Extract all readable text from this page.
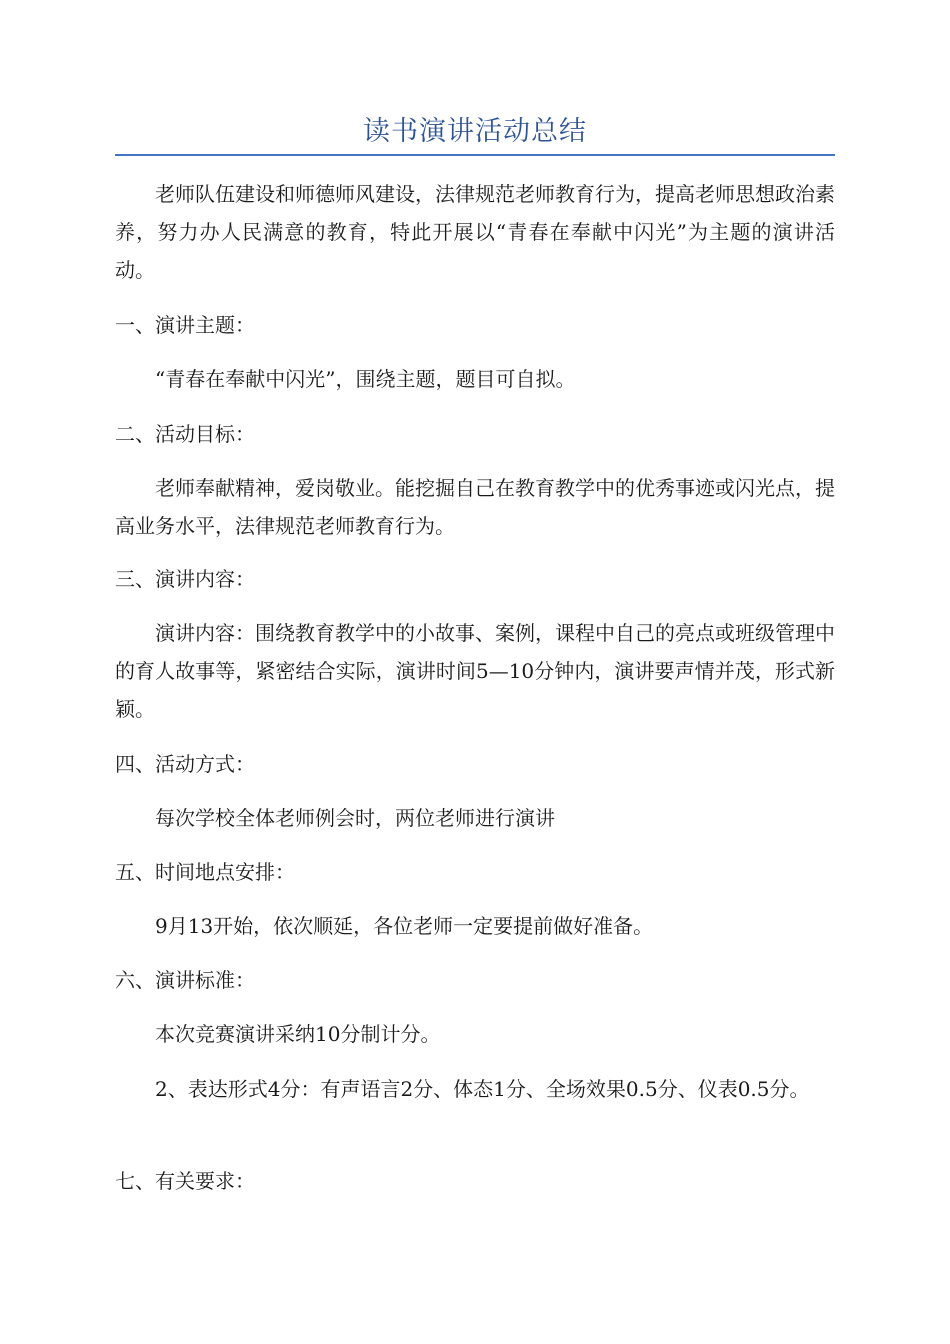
读书演讲活动总结

老师队伍建设和师德师风建设，法律规范老师教育行为，提高老师思想政治素养，努力办人民满意的教育，特此开展以“青春在奉献中闪光”为主题的演讲活动。

一、演讲主题：

“青春在奉献中闪光”，围绕主题，题目可自拟。

二、活动目标：

老师奉献精神，爱岗敬业。能挖掘自己在教育教学中的优秀事迹或闪光点，提高业务水平，法律规范老师教育行为。

三、演讲内容：

演讲内容：围绕教育教学中的小故事、案例，课程中自己的亮点或班级管理中的育人故事等，紧密结合实际，演讲时间5—10分钟内，演讲要声情并茂，形式新颖。

四、活动方式：

每次学校全体老师例会时，两位老师进行演讲

五、时间地点安排：

9月13开始，依次顺延，各位老师一定要提前做好准备。

六、演讲标准：

本次竞赛演讲采纳10分制计分。

2、表达形式4分：有声语言2分、体态1分、全场效果0.5分、仪表0.5分。

七、有关要求：
